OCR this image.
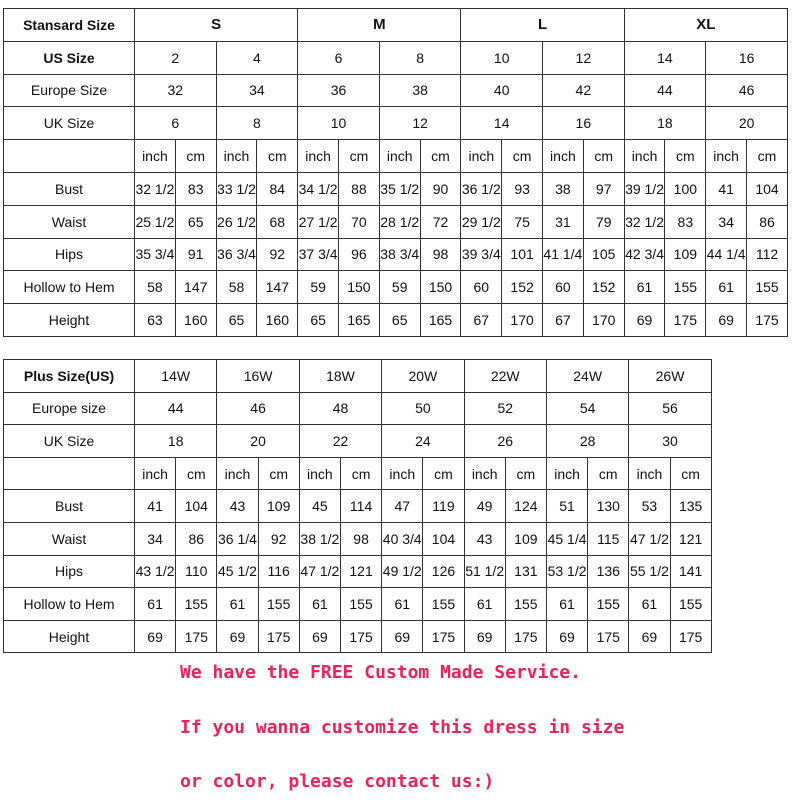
Stansard Size	S				M				L				XL			
US Size	2		4		6		8		10		12		14		16	
Europe Size	32		34		36		38		40		42		44		46	
UK Size	6		8		10		12		14		16		18		20	
	inch	cm	inch	cm	inch	cm	inch	cm	inch	cm	inch	cm	inch	cm	inch	cm
Bust	32 1/2	83	33 1/2	84	34 1/2	88	35 1/2	90	36 1/2	93	38	97	39 1/2	100	41	104
Waist	25 1/2	65	26 1/2	68	27 1/2	70	28 1/2	72	29 1/2	75	31	79	32 1/2	83	34	86
Hips	35 3/4	91	36 3/4	92	37 3/4	96	38 3/4	98	39 3/4	101	41 1/4	105	42 3/4	109	44 1/4	112
Hollow to Hem	58	147	58	147	59	150	59	150	60	152	60	152	61	155	61	155
Height	63	160	65	160	65	165	65	165	67	170	67	170	69	175	69	175
Plus Size(US)	14W		16W		18W		20W		22W		24W		26W	
Europe size	44		46		48		50		52		54		56	
UK Size	18		20		22		24		26		28		30	
	inch	cm	inch	cm	inch	cm	inch	cm	inch	cm	inch	cm	inch	cm
Bust	41	104	43	109	45	114	47	119	49	124	51	130	53	135
Waist	34	86	36 1/4	92	38 1/2	98	40 3/4	104	43	109	45 1/4	115	47 1/2	121
Hips	43 1/2	110	45 1/2	116	47 1/2	121	49 1/2	126	51 1/2	131	53 1/2	136	55 1/2	141
Hollow to Hem	61	155	61	155	61	155	61	155	61	155	61	155	61	155
Height	69	175	69	175	69	175	69	175	69	175	69	175	69	175

We have the FREE Custom Made Service.

If you wanna customize this dress in size

or color, please contact us:)
